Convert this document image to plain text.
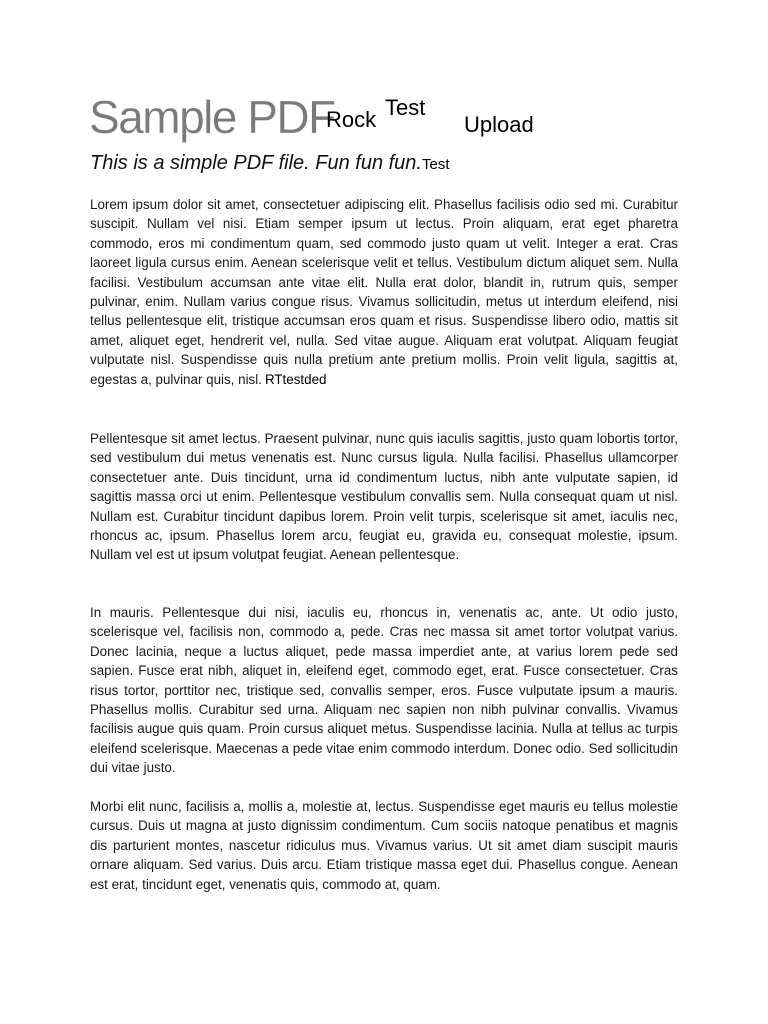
Sample PDF
Rock Test
Upload
This is a simple PDF file. Fun fun fun.Test

Lorem ipsum dolor sit amet, consectetuer adipiscing elit. Phasellus facilisis odio sed mi. Curabitur suscipit. Nullam vel nisi. Etiam semper ipsum ut lectus. Proin aliquam, erat eget pharetra commodo, eros mi condimentum quam, sed commodo justo quam ut velit. Integer a erat. Cras laoreet ligula cursus enim. Aenean scelerisque velit et tellus. Vestibulum dictum aliquet sem. Nulla facilisi. Vestibulum accumsan ante vitae elit. Nulla erat dolor, blandit in, rutrum quis, semper pulvinar, enim. Nullam varius congue risus. Vivamus sollicitudin, metus ut interdum eleifend, nisi tellus pellentesque elit, tristique accumsan eros quam et risus. Suspendisse libero odio, mattis sit amet, aliquet eget, hendrerit vel, nulla. Sed vitae augue. Aliquam erat volutpat. Aliquam feugiat vulputate nisl. Suspendisse quis nulla pretium ante pretium mollis. Proin velit ligula, sagittis at, egestas a, pulvinar quis, nisl. RTtestded

Pellentesque sit amet lectus. Praesent pulvinar, nunc quis iaculis sagittis, justo quam lobortis tortor, sed vestibulum dui metus venenatis est. Nunc cursus ligula. Nulla facilisi. Phasellus ullamcorper consectetuer ante. Duis tincidunt, urna id condimentum luctus, nibh ante vulputate sapien, id sagittis massa orci ut enim. Pellentesque vestibulum convallis sem. Nulla consequat quam ut nisl. Nullam est. Curabitur tincidunt dapibus lorem. Proin velit turpis, scelerisque sit amet, iaculis nec, rhoncus ac, ipsum. Phasellus lorem arcu, feugiat eu, gravida eu, consequat molestie, ipsum. Nullam vel est ut ipsum volutpat feugiat. Aenean pellentesque.

In mauris. Pellentesque dui nisi, iaculis eu, rhoncus in, venenatis ac, ante. Ut odio justo, scelerisque vel, facilisis non, commodo a, pede. Cras nec massa sit amet tortor volutpat varius. Donec lacinia, neque a luctus aliquet, pede massa imperdiet ante, at varius lorem pede sed sapien. Fusce erat nibh, aliquet in, eleifend eget, commodo eget, erat. Fusce consectetuer. Cras risus tortor, porttitor nec, tristique sed, convallis semper, eros. Fusce vulputate ipsum a mauris. Phasellus mollis. Curabitur sed urna. Aliquam nec sapien non nibh pulvinar convallis. Vivamus facilisis augue quis quam. Proin cursus aliquet metus. Suspendisse lacinia. Nulla at tellus ac turpis eleifend scelerisque. Maecenas a pede vitae enim commodo interdum. Donec odio. Sed sollicitudin dui vitae justo.

Morbi elit nunc, facilisis a, mollis a, molestie at, lectus. Suspendisse eget mauris eu tellus molestie cursus. Duis ut magna at justo dignissim condimentum. Cum sociis natoque penatibus et magnis dis parturient montes, nascetur ridiculus mus. Vivamus varius. Ut sit amet diam suscipit mauris ornare aliquam. Sed varius. Duis arcu. Etiam tristique massa eget dui. Phasellus congue. Aenean est erat, tincidunt eget, venenatis quis, commodo at, quam.
